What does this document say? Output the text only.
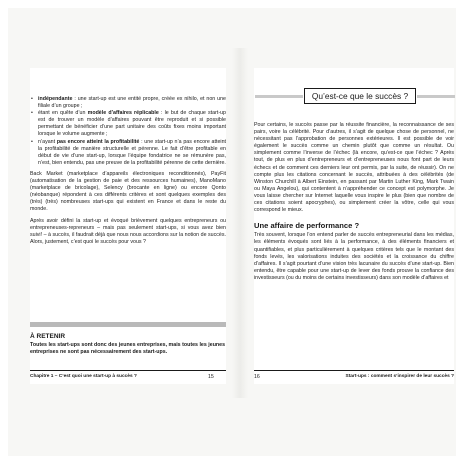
• indépendante : une start-up est une entité propre, créée ex nihilo, et non une filiale d’un groupe ;
• étant en quête d’un modèle d’affaires réplicable : le but de chaque start-up est de trouver un modèle d’affaires pouvant être reproduit et si possible permettant de bénéficier d’une part unitaire des coûts fixes moins important lorsque le volume augmente ;
• n’ayant pas encore atteint la profitabilité : une start-up n’a pas encore atteint la profitabilité de manière structurelle et pérenne. Le fait d’être profitable en début de vie d’une start-up, lorsque l’équipe fondatrice ne se rémunère pas, n’est, bien entendu, pas une preuve de la profitabilité pérenne de cette dernière.

Back Market (marketplace d’appareils électroniques reconditionnés), PayFit (automatisation de la gestion de paie et des ressources humaines), ManoMano (marketplace de bricolage), Selency (brocante en ligne) ou encore Qonto (néobanque) répondent à ces différents critères et sont quelques exemples des (très) (très) nombreuses start-ups qui existent en France et dans le reste du monde.

Après avoir défini la start-up et évoqué brièvement quelques entrepreneurs ou entrepreneuses-repreneurs – mais pas seulement start-ups, si vous avez bien suivi! – à succès, il faudrait déjà que nous nous accordions sur la notion de succès. Alors, justement, c’est quoi le succès pour vous ?

À RETENIR
Toutes les start-ups sont donc des jeunes entreprises, mais toutes les jeunes entreprises ne sont pas nécessairement des start-ups.
Chapitre 1 – C’est quoi une start-up à succès ?	15
Qu’est-ce que le succès ?

Pour certains, le succès passe par la réussite financière, la reconnaissance de ses pairs, voire la célébrité. Pour d’autres, il s’agit de quelque chose de personnel, ne nécessitant pas l’approbation de personnes extérieures. Il est possible de voir également le succès comme un chemin plutôt que comme un résultat. Ou simplement comme l’inverse de l’échec (là encore, qu’est-ce que l’échec ? Après tout, de plus en plus d’entrepreneurs et d’entrepreneuses nous font part de leurs échecs et de comment ces derniers leur ont permis, par la suite, de réussir). On ne compte plus les citations concernant le succès, attribuées à des célébrités (de Winston Churchill à Albert Einstein, en passant par Martin Luther King, Mark Twain ou Maya Angelou), qui contentent à n’appréhender ce concept est polymorphe. Je vous laisse chercher sur Internet laquelle vous inspire le plus (bien que nombre de ces citations soient apocryphes), ou simplement créer la vôtre, celle qui vous correspond le mieux.

Une affaire de performance ?

Très souvent, lorsque l’on entend parler de succès entrepreneurial dans les médias, les éléments évoqués sont liés à la performance, à des éléments financiers et quantifiables, et plus particulièrement à quelques critères tels que le montant des fonds levés, les valorisations induites des sociétés et la croissance du chiffre d’affaires. Il s’agit pourtant d’une vision très lacunaire du succès d’une start-up. Bien entendu, être capable pour une start-up de lever des fonds prouve la confiance des investisseurs (ou du moins de certains investisseurs) dans son modèle d’affaires et

16	Start-ups : comment s’inspirer de leur succès ?
